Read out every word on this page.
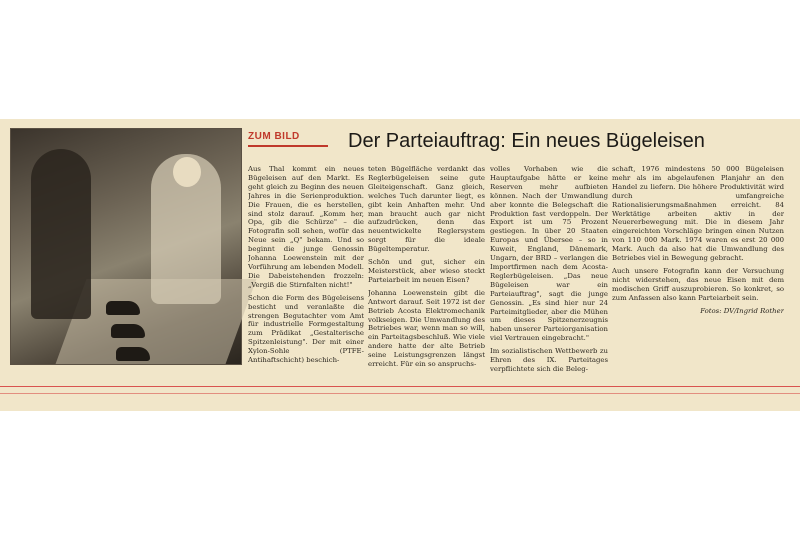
ZUM BILD Der Parteiauftrag: Ein neues Bügeleisen

Aus Thal kommt ein neues Bügeleisen auf den Markt. Es geht gleich zu Beginn des neuen Jahres in die Serienproduktion. Die Frauen, die es herstellen, sind stolz darauf. „Komm her, Opa, gib die Schürze" – die Fotografin soll sehen, wofür das Neue sein „Q" bekam. Und so beginnt die junge Genossin Johanna Loewenstein mit der Vorführung am lebenden Modell. Die Dabeistehenden frozzeln: „Vergiß die Stirnfalten nicht!"

Schon die Form des Bügeleisens besticht und veranlaßte die strengen Begutachter vom Amt für industrielle Formgestaltung zum Prädikat „Gestalterische Spitzenleistung". Der mit einer Xylon-Sohle (PTFE-Antihaftschicht) beschich-

teten Bügelfläche verdankt das Reglerbügeleisen seine gute Gleiteigenschaft. Ganz gleich, welches Tuch darunter liegt, es gibt kein Anhaften mehr. Und man braucht auch gar nicht aufzudrücken, denn das neuentwickelte Reglersystem sorgt für die ideale Bügeltemperatur.

Schön und gut, sicher ein Meisterstück, aber wieso steckt Parteiarbeit im neuen Eisen?

Johanna Loewenstein gibt die Antwort darauf. Seit 1972 ist der Betrieb Acosta Elektromechanik volkseigen. Die Umwandlung des Betriebes war, wenn man so will, ein Parteitagsbeschluß. Wie viele andere hatte der alte Betrieb seine Leistungsgrenzen längst erreicht. Für ein so anspruchs-

volles Vorhaben wie die Hauptaufgabe hätte er keine Reserven mehr aufbieten können. Nach der Umwandlung aber konnte die Belegschaft die Produktion fast verdoppeln. Der Export ist um 75 Prozent gestiegen. In über 20 Staaten Europas und Übersee – so in Kuweit, England, Dänemark, Ungarn, der BRD – verlangen die Importfirmen nach dem Acosta-Reglerbügeleisen. „Das neue Bügeleisen war ein Parteiauftrag", sagt die junge Genossin. „Es sind hier nur 24 Parteimitglieder, aber die Mühen um dieses Spitzenerzeugnis haben unserer Parteiorganisation viel Vertrauen eingebracht."

Im sozialistischen Wettbewerb zu Ehren des IX. Parteitages verpflichtete sich die Beleg-

schaft, 1976 mindestens 50 000 Bügeleisen mehr als im abgelaufenen Planjahr an den Handel zu liefern. Die höhere Produktivität wird durch umfangreiche Rationalisierungsmaßnahmen erreicht. 84 Werktätige arbeiten aktiv in der Neuererbewegung mit. Die in diesem Jahr eingereichten Vorschläge bringen einen Nutzen von 110 000 Mark. 1974 waren es erst 20 000 Mark. Auch da also hat die Umwandlung des Betriebes viel in Bewegung gebracht.

Auch unsere Fotografin kann der Versuchung nicht widerstehen, das neue Eisen mit dem modischen Griff auszuprobieren. So konkret, so zum Anfassen also kann Parteiarbeit sein.

Fotos: DV/Ingrid Rother
